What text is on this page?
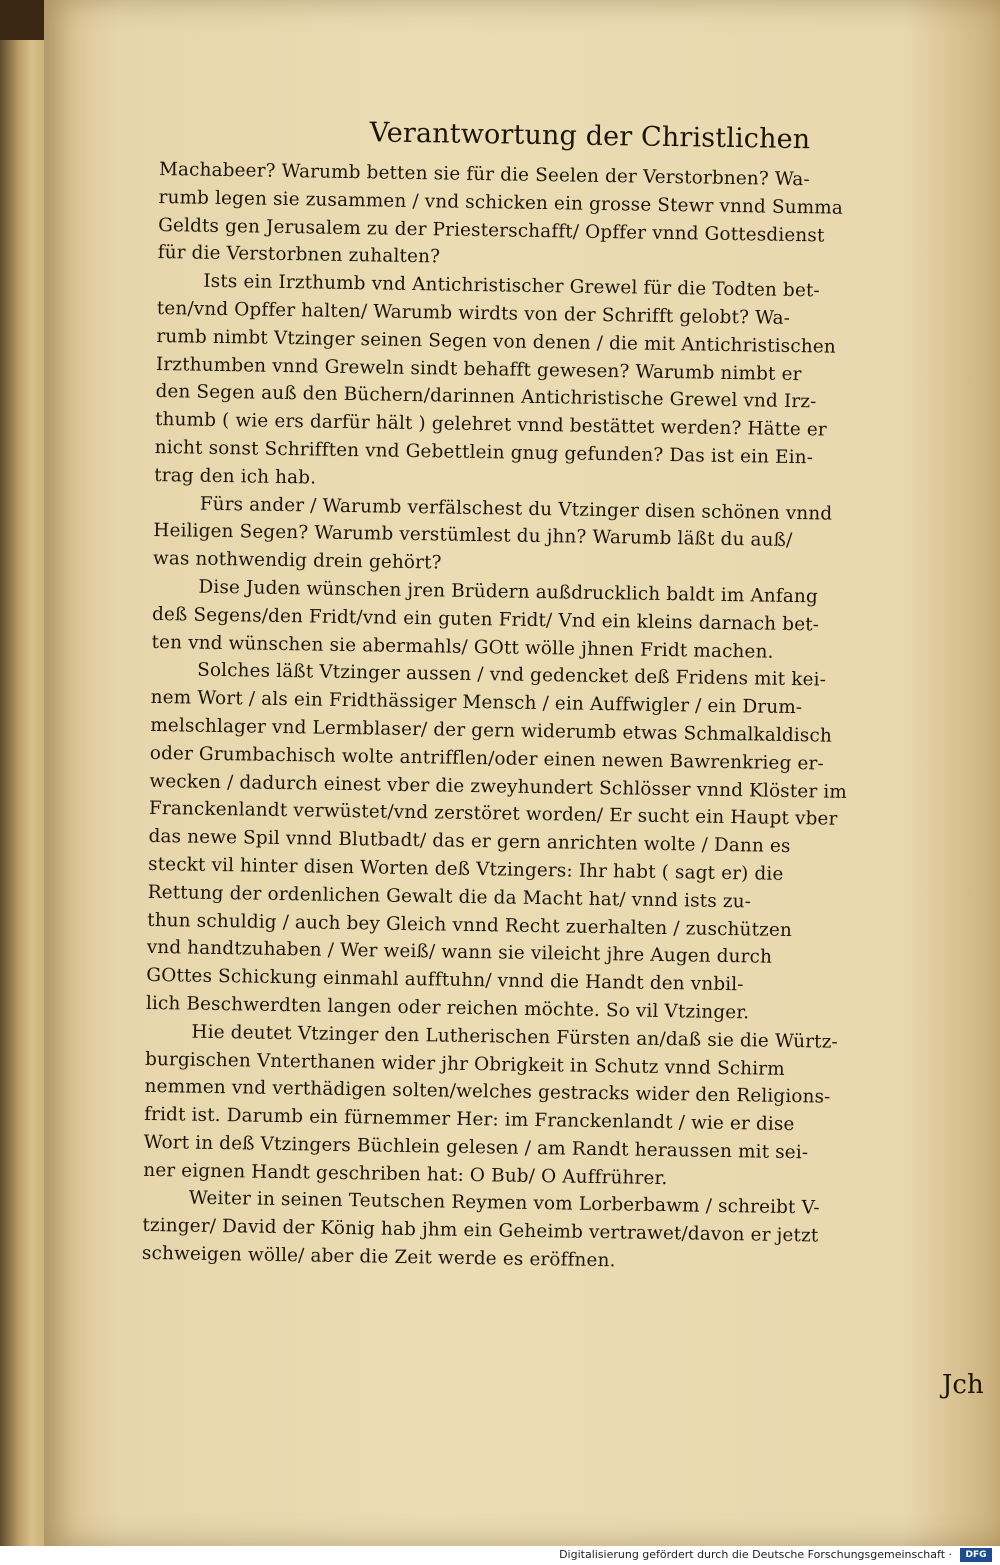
Verantwortung der Christlichen
Machabeer? Warumb betten sie für die Seelen der Verstorbnen? Wa-
rumb legen sie zusammen / vnd schicken ein grosse Stewr vnnd Summa
Geldts gen Jerusalem zu der Priesterschafft/ Opffer vnnd Gottesdienst
für die Verstorbnen zuhalten?
Ists ein Irzthumb vnd Antichristischer Grewel für die Todten bet-
ten/vnd Opffer halten/ Warumb wirdts von der Schrifft gelobt? Wa-
rumb nimbt Vtzinger seinen Segen von denen / die mit Antichristischen
Irzthumben vnnd Greweln sindt behafft gewesen? Warumb nimbt er
den Segen auß den Büchern/darinnen Antichristische Grewel vnd Irz-
thumb ( wie ers darfür hält ) gelehret vnnd bestättet werden? Hätte er
nicht sonst Schrifften vnd Gebettlein gnug gefunden? Das ist ein Ein-
trag den ich hab.
Fürs ander / Warumb verfälschest du Vtzinger disen schönen vnnd
Heiligen Segen? Warumb verstümlest du jhn? Warumb läßt du auß/
was nothwendig drein gehört?
Dise Juden wünschen jren Brüdern außdrucklich baldt im Anfang
deß Segens/den Fridt/vnd ein guten Fridt/ Vnd ein kleins darnach bet-
ten vnd wünschen sie abermahls/ GOtt wölle jhnen Fridt machen.
Solches läßt Vtzinger aussen / vnd gedencket deß Fridens mit kei-
nem Wort / als ein Fridthässiger Mensch / ein Auffwigler / ein Drum-
melschlager vnd Lermblaser/ der gern widerumb etwas Schmalkaldisch
oder Grumbachisch wolte antrifflen/oder einen newen Bawrenkrieg er-
wecken / dadurch einest vber die zweyhundert Schlösser vnnd Klöster im
Franckenlandt verwüstet/vnd zerstöret worden/ Er sucht ein Haupt vber
das newe Spil vnnd Blutbadt/ das er gern anrichten wolte / Dann es
steckt vil hinter disen Worten deß Vtzingers: Ihr habt ( sagt er) die
Rettung der ordenlichen Gewalt die da Macht hat/ vnnd ists zu-
thun schuldig / auch bey Gleich vnnd Recht zuerhalten / zuschützen
vnd handtzuhaben / Wer weiß/ wann sie vileicht jhre Augen durch
GOttes Schickung einmahl aufftuhn/ vnnd die Handt den vnbil-
lich Beschwerdten langen oder reichen möchte. So vil Vtzinger.
Hie deutet Vtzinger den Lutherischen Fürsten an/daß sie die Würtz-
burgischen Vnterthanen wider jhr Obrigkeit in Schutz vnnd Schirm
nemmen vnd verthädigen solten/welches gestracks wider den Religions-
fridt ist. Darumb ein fürnemmer Her: im Franckenlandt / wie er dise
Wort in deß Vtzingers Büchlein gelesen / am Randt heraussen mit sei-
ner eignen Handt geschriben hat: O Bub/ O Auffrührer.
Weiter in seinen Teutschen Reymen vom Lorberbawm / schreibt V-
tzinger/ David der König hab jhm ein Geheimb vertrawet/davon er jetzt
schweigen wölle/ aber die Zeit werde es eröffnen.
Jch
Digitalisierung gefördert durch die Deutsche Forschungsgemeinschaft ·	DFG
